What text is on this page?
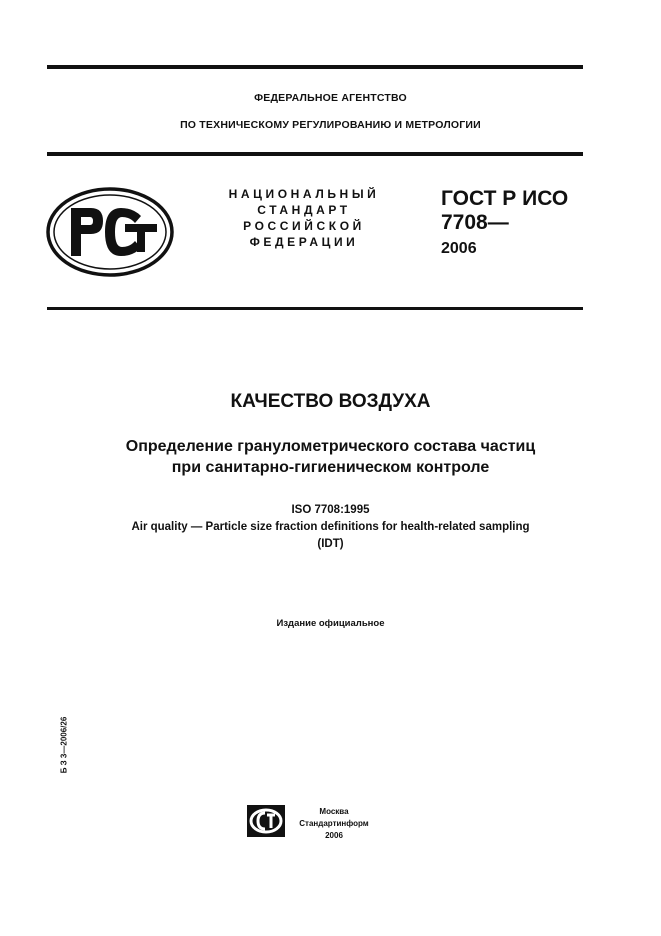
ФЕДЕРАЛЬНОЕ АГЕНТСТВО
ПО ТЕХНИЧЕСКОМУ РЕГУЛИРОВАНИЮ И МЕТРОЛОГИИ
НАЦИОНАЛЬНЫЙ
СТАНДАРТ
РОССИЙСКОЙ
ФЕДЕРАЦИИ
ГОСТ Р ИСО
7708—
2006
КАЧЕСТВО ВОЗДУХА
Определение гранулометрического состава частиц
при санитарно-гигиеническом контроле
ISO 7708:1995
Air quality — Particle size fraction definitions for health-related sampling
(IDT)
Издание официальное
Б З 3—2006/26
Москва
Стандартинформ
2006
